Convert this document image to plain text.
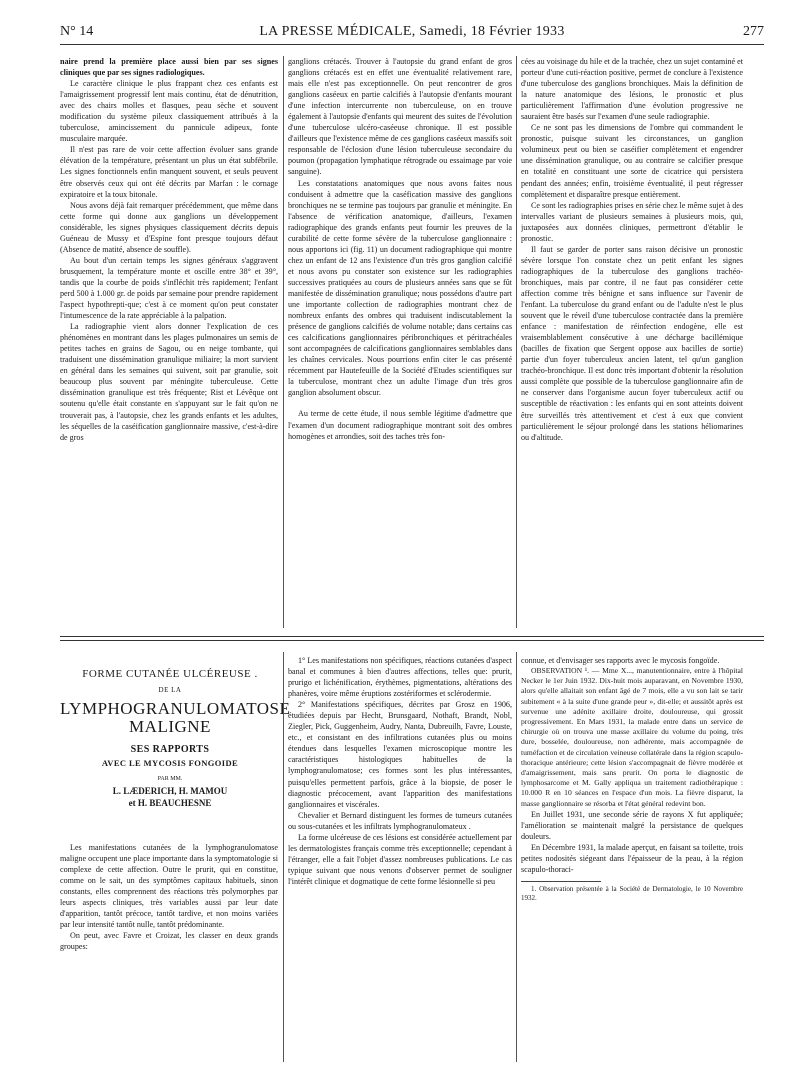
N° 14	LA PRESSE MÉDICALE, Samedi, 18 Février 1933	277

naire prend la première place aussi bien par ses signes cliniques que par ses signes radiologiques.

Le caractère clinique le plus frappant chez ces enfants est l'amaigrissement progressif lent mais continu, état de dénutrition, avec des chairs molles et flasques, peau sèche et souvent modification du système pileux classiquement attribués à la tuberculose, amincissement du pannicule adipeux, fonte musculaire marquée.

Il n'est pas rare de voir cette affection évoluer sans grande élévation de la température, présentant un plus un état subfébrile. Les signes fonctionnels enfin manquent souvent, et seuls peuvent être observés ceux qui ont été décrits par Marfan : le cornage expiratoire et la toux bitonale.

Nous avons déjà fait remarquer précédemment, que même dans cette forme qui donne aux ganglions un développement considérable, les signes physiques classiquement décrits depuis Guéneau de Mussy et d'Espine font presque toujours défaut (Absence de matité, absence de souffle).

Au bout d'un certain temps les signes généraux s'aggravent brusquement, la température monte et oscille entre 38° et 39°, tandis que la courbe de poids s'infléchit très rapidement; l'enfant perd 500 à 1.000 gr. de poids par semaine pour prendre rapidement l'aspect hypothrepti-que; c'est à ce moment qu'on peut constater l'intumescence de la rate appréciable à la palpation.

La radiographie vient alors donner l'explication de ces phénomènes en montrant dans les plages pulmonaires un semis de petites taches en grains de Sagou, ou en neige tombante, qui traduisent une dissémination granulique miliaire; la mort survient en général dans les semaines qui suivent, soit par granulie, soit beaucoup plus souvent par méningite tuberculeuse. Cette dissémination granulique est très fréquente; Rist et Lévêque ont soutenu qu'elle était constante en s'appuyant sur le fait qu'on ne trouverait pas, à l'autopsie, chez les grands enfants et les adultes, les séquelles de la caséification ganglionnaire massive, c'est-à-dire de gros

ganglions crétacés. Trouver à l'autopsie du grand enfant de gros ganglions crétacés est en effet une éventualité relativement rare, mais elle n'est pas exceptionnelle. On peut rencontrer de gros ganglions caséeux en partie calcifiés à l'autopsie d'enfants mourant d'une infection intercurrente non tuberculeuse, on en trouve également à l'autopsie d'enfants qui meurent des suites de l'évolution d'une tuberculose ulcéro-caséeuse chronique. Il est possible d'ailleurs que l'existence même de ces ganglions caséeux massifs soit responsable de l'éclosion d'une lésion tuberculeuse secondaire du poumon (propagation lymphatique rétrograde ou essaimage par voie sanguine).

Les constatations anatomiques que nous avons faites nous conduisent à admettre que la caséfication massive des ganglions bronchiques ne se termine pas toujours par granulie et méningite. En l'absence de vérification anatomique, d'ailleurs, l'examen radiographique des grands enfants peut fournir les preuves de la curabilité de cette forme sévère de la tuberculose ganglionnaire : nous apportons ici (fig. 11) un document radiographique qui montre chez un enfant de 12 ans l'existence d'un très gros ganglion calcifié et nous avons pu constater son existence sur les radiographies successives pratiquées au cours de plusieurs années sans que se fût manifestée de dissémination granulique; nous possédons d'autre part une importante collection de radiographies montrant chez de nombreux enfants des ombres qui traduisent indiscutablement la présence de ganglions calcifiés de volume notable; dans certains cas ces calcifications ganglionnaires péribronchiques et péritrachéales sont accompagnées de calcifications ganglionnaires semblables dans les chaînes cervicales. Nous pourrions enfin citer le cas présenté récemment par Hautefeuille de la Société d'Etudes scientifiques sur la tuberculose, montrant chez un adulte l'image d'un très gros ganglion absolument obscur.

Au terme de cette étude, il nous semble légitime d'admettre que l'examen d'un document radiographique montrant soit des ombres homogènes et arrondies, soit des taches très fon-

cées au voisinage du hile et de la trachée, chez un sujet contaminé et porteur d'une cuti-réaction positive, permet de conclure à l'existence d'une tuberculose des ganglions bronchiques. Mais la définition de la nature anatomique des lésions, le pronostic et plus particulièrement l'affirmation d'une évolution progressive ne sauraient être basés sur l'examen d'une seule radiographie.

Ce ne sont pas les dimensions de l'ombre qui commandent le pronostic, puisque suivant les circonstances, un ganglion volumineux peut ou bien se caséifier complètement et engendrer une dissémination granulique, ou au contraire se calcifier presque en totalité en constituant une sorte de cicatrice qui persistera pendant des années; enfin, troisième éventualité, il peut régresser complètement et disparaître presque entièrement.

Ce sont les radiographies prises en série chez le même sujet à des intervalles variant de plusieurs semaines à plusieurs mois, qui, juxtaposées aux données cliniques, permettront d'établir le pronostic.

Il faut se garder de porter sans raison décisive un pronostic sévère lorsque l'on constate chez un petit enfant les signes radiographiques de la tuberculose des ganglions trachéo-bronchiques, mais par contre, il ne faut pas considérer cette affection comme très bénigne et sans influence sur l'avenir de l'enfant. La tuberculose du grand enfant ou de l'adulte n'est le plus souvent que le réveil d'une tuberculose contractée dans la première enfance : manifestation de réinfection endogène, elle est vraisemblablement consécutive à une décharge bacillémique (bacilles de fixation que Sergent oppose aux bacilles de sortie) partie d'un foyer tuberculeux ancien latent, tel qu'un ganglion trachéo-bronchique. Il est donc très important d'obtenir la résolution aussi complète que possible de la tuberculose ganglionnaire afin de ne conserver dans l'organisme aucun foyer tuberculeux actif ou susceptible de réactivation : les enfants qui en sont atteints doivent être surveillés très attentivement et c'est à eux que convient particulièrement le séjour prolongé dans les stations héliomarines ou d'altitude.

FORME CUTANÉE ULCÉREUSE .
DE LA
LYMPHOGRANULOMATOSE
MALIGNE
SES RAPPORTS
AVEC LE MYCOSIS FONGOIDE
PAR MM.
L. LÆDERICH, H. MAMOU
et H. BEAUCHESNE

Les manifestations cutanées de la lymphogranulomatose maligne occupent une place importante dans la symptomatologie si complexe de cette affection. Outre le prurit, qui en constitue, comme on le sait, un des symptômes capitaux habituels, sinon constants, elles comprennent des réactions très polymorphes par leurs aspects cliniques, très variables aussi par leur date d'apparition, tantôt précoce, tantôt tardive, et non moins variées par leur intensité tantôt nulle, tantôt prédominante.

On peut, avec Favre et Croizat, les classer en deux grands groupes:

1° Les manifestations non spécifiques, réactions cutanées d'aspect banal et communes à bien d'autres affections, telles que: prurit, prurigo et lichénification, érythèmes, pigmentations, altérations des phanères, voire même éruptions zostériformes et sclérodermie.

2° Manifestations spécifiques, décrites par Grosz en 1906, étudiées depuis par Hecht, Brunsgaard, Nothaft, Brandt, Nobl, Ziegler, Pick, Guggenheim, Audry, Nanta, Dubreuilh, Favre, Louste, etc., et consistant en des infiltrations cutanées plus ou moins étendues dans lesquelles l'examen microscopique montre les caractéristiques histologiques habituelles de la lymphogranulomatose; ces formes sont les plus intéressantes, puisqu'elles permettent parfois, grâce à la biopsie, de poser le diagnostic précocement, avant l'apparition des manifestations ganglionnaires et viscérales.

Chevalier et Bernard distinguent les formes de tumeurs cutanées ou sous-cutanées et les infiltrats lymphogranulomateux .

La forme ulcéreuse de ces lésions est considérée actuellement par les dermatologistes français comme très exceptionnelle; cependant à l'étranger, elle a fait l'objet d'assez nombreuses publications. Le cas typique suivant que nous venons d'observer permet de souligner l'intérêt clinique et dogmatique de cette forme lésionnelle si peu

connue, et d'envisager ses rapports avec le mycosis fongoïde.

OBSERVATION ¹. — Mme X..., manutentionnaire, entre à l'hôpital Necker le 1er Juin 1932. Dix-huit mois auparavant, en Novembre 1930, alors qu'elle allaitait son enfant âgé de 7 mois, elle a vu son lait se tarir subitement « à la suite d'une grande peur », dit-elle; et aussitôt après est survenue une adénite axillaire droite, douloureuse, qui grossit progressivement. En Mars 1931, la malade entre dans un service de chirurgie où on trouva une masse axillaire du volume du poing, très dure, bosselée, douloureuse, non adhérente, mais accompagnée de tuméfaction et de circulation veineuse collatérale dans la région scapulo-thoracique antérieure; cette lésion s'accompagnait de fièvre modérée et d'amaigrissement, mais sans prurit. On porta le diagnostic de lymphosarcome et M. Gally appliqua un traitement radiothérapique : 10.000 R en 10 séances en l'espace d'un mois. La fièvre disparut, la masse ganglionnaire se résorba et l'état général redevint bon.

En Juillet 1931, une seconde série de rayons X fut appliquée; l'amélioration se maintenait malgré la persistance de quelques douleurs.

En Décembre 1931, la malade aperçut, en faisant sa toilette, trois petites nodosités siégeant dans l'épaisseur de la peau, à la région scapulo-thoraci-

1. Observation présentée à la Société de Dermatologie, le 10 Novembre 1932.
